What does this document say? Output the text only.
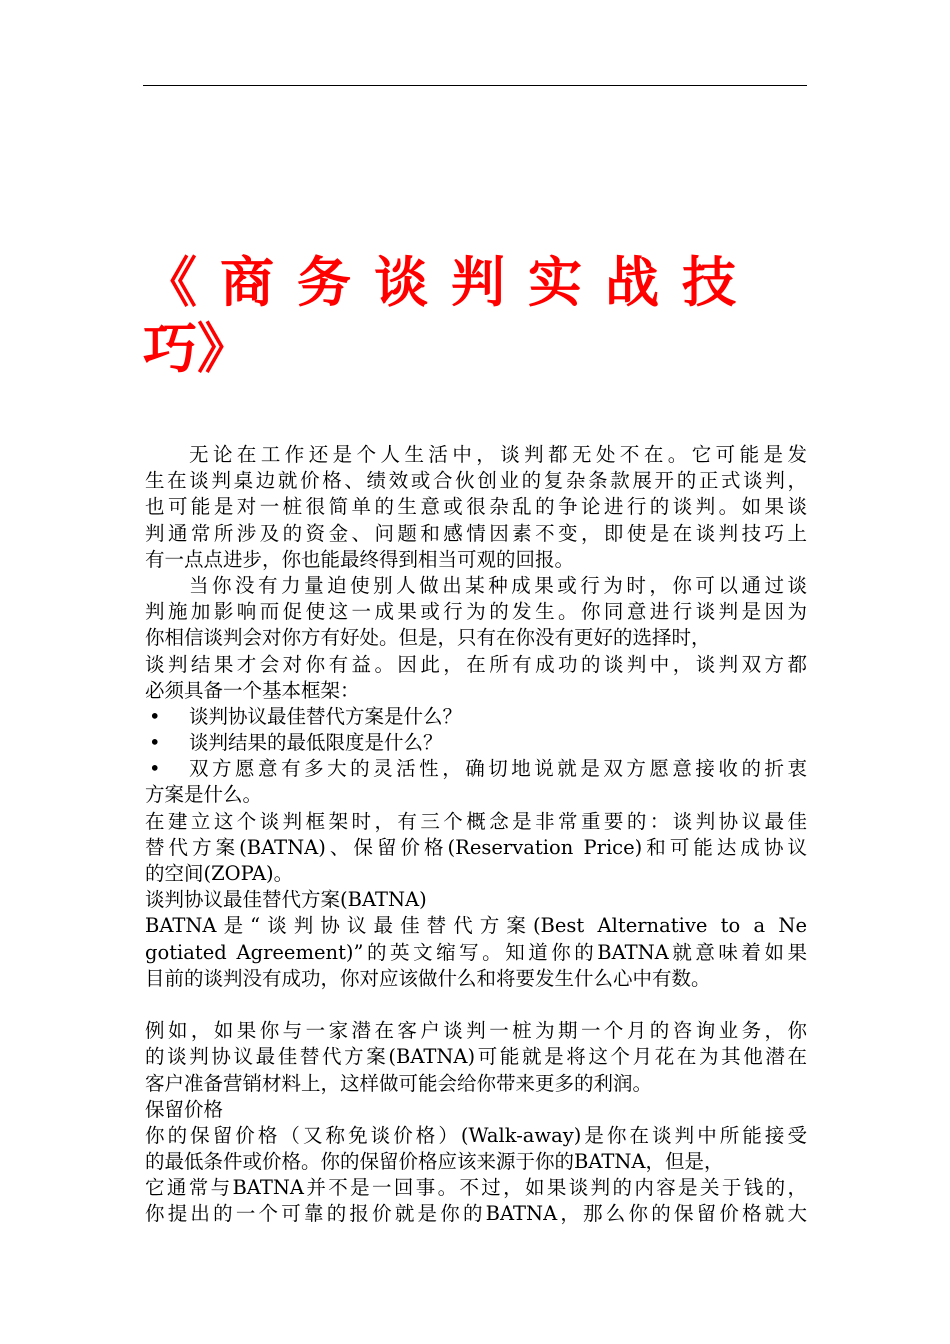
《商务谈判实战技
巧》
无论在工作还是个人生活中，谈判都无处不在。它可能是发
生在谈判桌边就价格、绩效或合伙创业的复杂条款展开的正式谈判，
也可能是对一桩很简单的生意或很杂乱的争论进行的谈判。如果谈
判通常所涉及的资金、问题和感情因素不变，即使是在谈判技巧上
有一点点进步，你也能最终得到相当可观的回报。
当你没有力量迫使别人做出某种成果或行为时，你可以通过谈
判施加影响而促使这一成果或行为的发生。你同意进行谈判是因为
你相信谈判会对你方有好处。但是，只有在你没有更好的选择时，
谈判结果才会对你有益。因此，在所有成功的谈判中，谈判双方都
必须具备一个基本框架：
•	谈判协议最佳替代方案是什么？
•	谈判结果的最低限度是什么？
•	双方愿意有多大的灵活性，确切地说就是双方愿意接收的折衷
方案是什么。
在建立这个谈判框架时，有三个概念是非常重要的：谈判协议最佳
替代方案(BATNA)、保留价格(Reservation Price)和可能达成协议
的空间(ZOPA)。
谈判协议最佳替代方案(BATNA)
BATNA是“谈判协议最佳替代方案(Best Alternative to a Ne
gotiated Agreement)”的英文缩写。知道你的BATNA就意味着如果
目前的谈判没有成功，你对应该做什么和将要发生什么心中有数。
例如，如果你与一家潜在客户谈判一桩为期一个月的咨询业务，你
的谈判协议最佳替代方案(BATNA)可能就是将这个月花在为其他潜在
客户准备营销材料上，这样做可能会给你带来更多的利润。
保留价格
你的保留价格（又称免谈价格）(Walk-away)是你在谈判中所能接受
的最低条件或价格。你的保留价格应该来源于你的BATNA，但是，
它通常与BATNA并不是一回事。不过，如果谈判的内容是关于钱的，
你提出的一个可靠的报价就是你的BATNA，那么你的保留价格就大
